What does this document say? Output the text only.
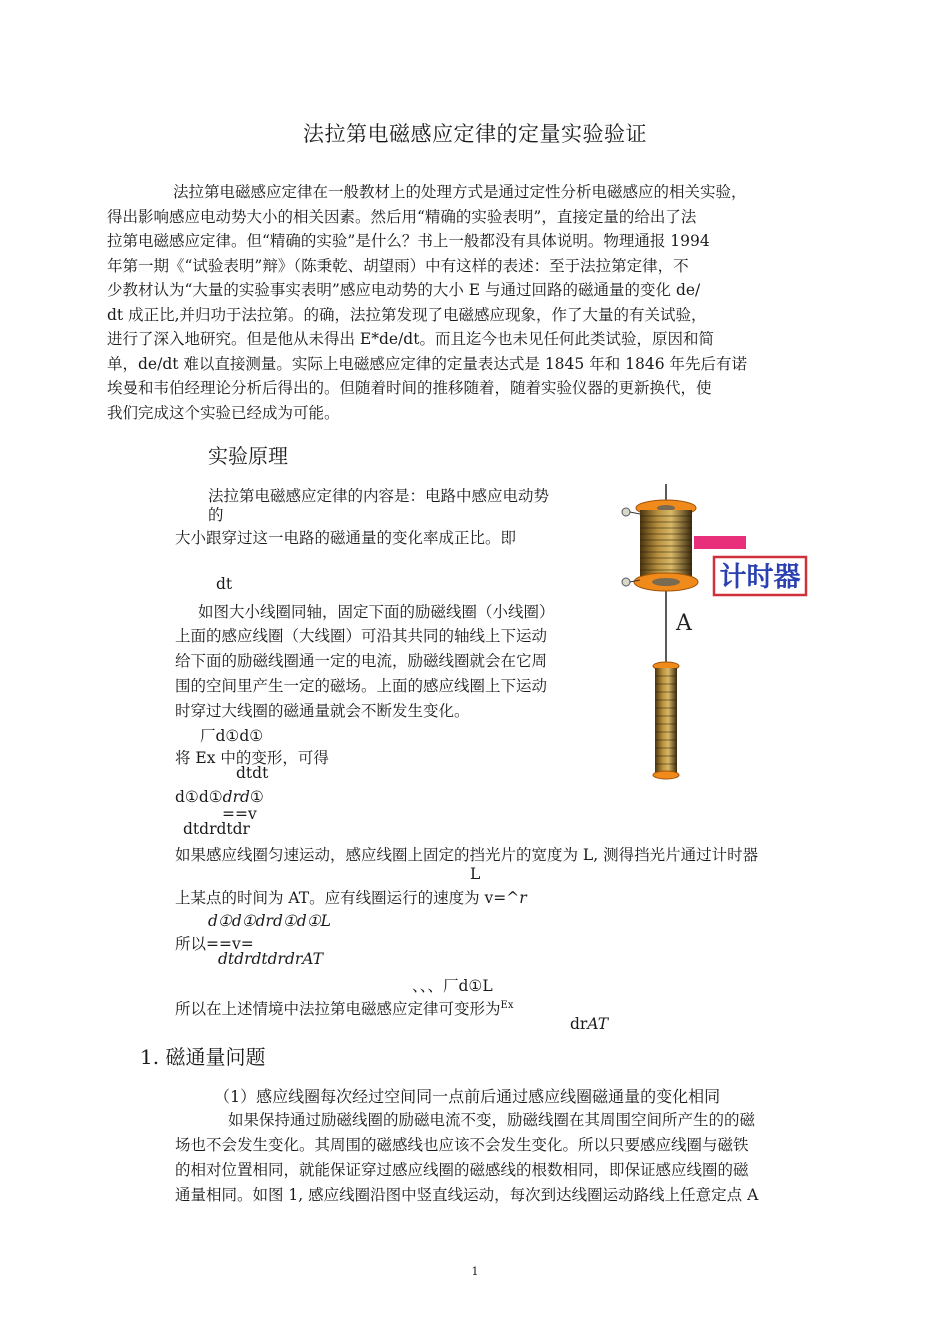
法拉第电磁感应定律的定量实验验证
法拉第电磁感应定律在一般教材上的处理方式是通过定性分析电磁感应的相关实验，
得出影响感应电动势大小的相关因素。然后用“精确的实验表明”，直接定量的给出了法
拉第电磁感应定律。但“精确的实验”是什么？书上一般都没有具体说明。物理通报 1994
年第一期《“试验表明”辩》（陈秉乾、胡望雨）中有这样的表述：至于法拉第定律，不
少教材认为“大量的实验事实表明”感应电动势的大小 E 与通过回路的磁通量的变化 de/
dt 成正比,并归功于法拉第。的确，法拉第发现了电磁感应现象，作了大量的有关试验，
进行了深入地研究。但是他从未得出 E*de/dt。而且迄今也未见任何此类试验，原因和简
单，de/dt 难以直接测量。实际上电磁感应定律的定量表达式是 1845 年和 1846 年先后有诺
埃曼和韦伯经理论分析后得出的。但随着时间的推移随着，随着实验仪器的更新换代，使
我们完成这个实验已经成为可能。
实验原理
法拉第电磁感应定律的内容是：电路中感应电动势
的
大小跟穿过这一电路的磁通量的变化率成正比。即
dt
如图大小线圈同轴，固定下面的励磁线圈（小线圈）
上面的感应线圈（大线圈）可沿其共同的轴线上下运动
给下面的励磁线圈通一定的电流，励磁线圈就会在它周
围的空间里产生一定的磁场。上面的感应线圈上下运动
时穿过大线圈的磁通量就会不断发生变化。
厂d①d①
将 Ex 中的变形，可得
dtdt
d①d①drd①
==v
dtdrdtdr
如果感应线圈匀速运动，感应线圈上固定的挡光片的宽度为 L, 测得挡光片通过计时器
L
上某点的时间为 AT。应有线圈运行的速度为 v=^r
d①d①drd①d①L
所以==v=
dtdrdtdrdrAT
、、、厂d①L
所以在上述情境中法拉第电磁感应定律可变形为$^{Ex}$
drAT
1. 磁通量问题
（1）感应线圈每次经过空间同一点前后通过感应线圈磁通量的变化相同
如果保持通过励磁线圈的励磁电流不变，励磁线圈在其周围空间所产生的的磁
场也不会发生变化。其周围的磁感线也应该不会发生变化。所以只要感应线圈与磁铁
的相对位置相同，就能保证穿过感应线圈的磁感线的根数相同，即保证感应线圈的磁
通量相同。如图 1, 感应线圈沿图中竖直线运动，每次到达线圈运动路线上任意定点 A
1
计时器
A
